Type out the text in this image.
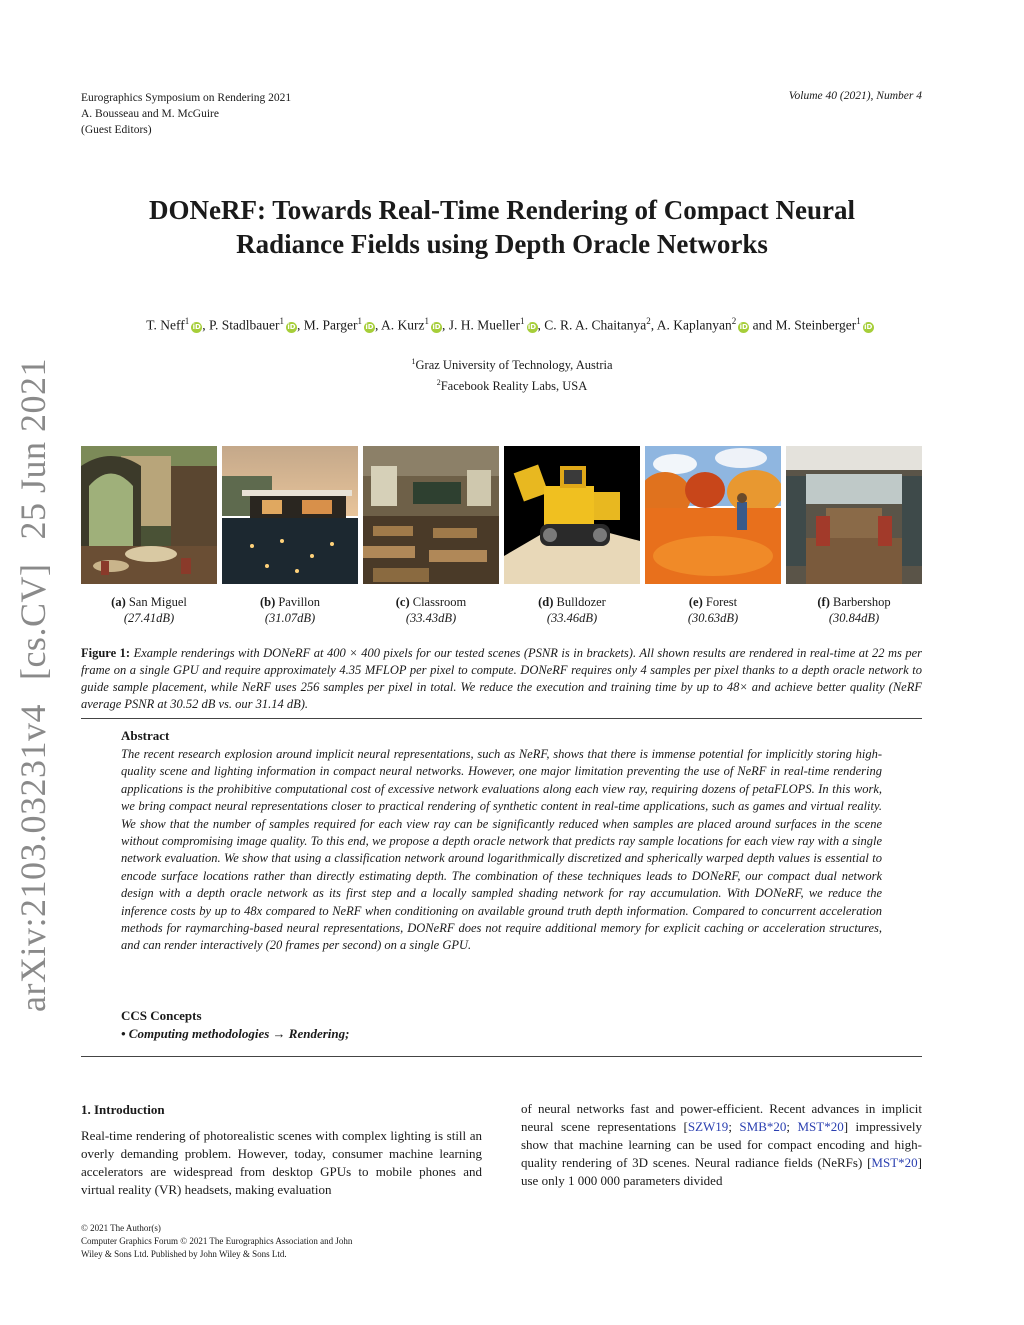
Eurographics Symposium on Rendering 2021
A. Bousseau and M. McGuire
(Guest Editors)
Volume 40 (2021), Number 4
arXiv:2103.03231v4[cs.CV]25 Jun 2021
DONeRF: Towards Real-Time Rendering of Compact Neural
Radiance Fields using Depth Oracle Networks
T. Neff$^1$iD, P. Stadlbauer$^1$iD, M. Parger$^1$iD, A. Kurz$^1$iD, J. H. Mueller$^1$iD, C. R. A. Chaitanya$^2$, A. Kaplanyan$^2$iD and M. Steinberger$^1$iD
$^1$Graz University of Technology, Austria
$^2$Facebook Reality Labs, USA
(a) San Miguel
(27.41dB)
(b) Pavillon
(31.07dB)
(c) Classroom
(33.43dB)
(d) Bulldozer
(33.46dB)
(e) Forest
(30.63dB)
(f) Barbershop
(30.84dB)
Figure 1: Example renderings with DONeRF at 400 × 400 pixels for our tested scenes (PSNR is in brackets). All shown results are rendered in real-time at 22 ms per frame on a single GPU and require approximately 4.35 MFLOP per pixel to compute. DONeRF requires only 4 samples per pixel thanks to a depth oracle network to guide sample placement, while NeRF uses 256 samples per pixel in total. We reduce the execution and training time by up to 48× and achieve better quality (NeRF average PSNR at 30.52 dB vs. our 31.14 dB).
Abstract
The recent research explosion around implicit neural representations, such as NeRF, shows that there is immense potential for implicitly storing high-quality scene and lighting information in compact neural networks. However, one major limitation preventing the use of NeRF in real-time rendering applications is the prohibitive computational cost of excessive network evaluations along each view ray, requiring dozens of petaFLOPS. In this work, we bring compact neural representations closer to practical rendering of synthetic content in real-time applications, such as games and virtual reality. We show that the number of samples required for each view ray can be significantly reduced when samples are placed around surfaces in the scene without compromising image quality. To this end, we propose a depth oracle network that predicts ray sample locations for each view ray with a single network evaluation. We show that using a classification network around logarithmically discretized and spherically warped depth values is essential to encode surface locations rather than directly estimating depth. The combination of these techniques leads to DONeRF, our compact dual network design with a depth oracle network as its first step and a locally sampled shading network for ray accumulation. With DONeRF, we reduce the inference costs by up to 48x compared to NeRF when conditioning on available ground truth depth information. Compared to concurrent acceleration methods for raymarching-based neural representations, DONeRF does not require additional memory for explicit caching or acceleration structures, and can render interactively (20 frames per second) on a single GPU.
CCS Concepts
• Computing methodologies → Rendering;
1. Introduction
Real-time rendering of photorealistic scenes with complex lighting is still an overly demanding problem. However, today, consumer machine learning accelerators are widespread from desktop GPUs to mobile phones and virtual reality (VR) headsets, making evaluation
of neural networks fast and power-efficient. Recent advances in implicit neural scene representations [SZW19; SMB*20; MST*20] impressively show that machine learning can be used for compact encoding and high-quality rendering of 3D scenes. Neural radiance fields (NeRFs) [MST*20] use only 1 000 000 parameters divided
© 2021 The Author(s)
Computer Graphics Forum © 2021 The Eurographics Association and John
Wiley & Sons Ltd. Published by John Wiley & Sons Ltd.
